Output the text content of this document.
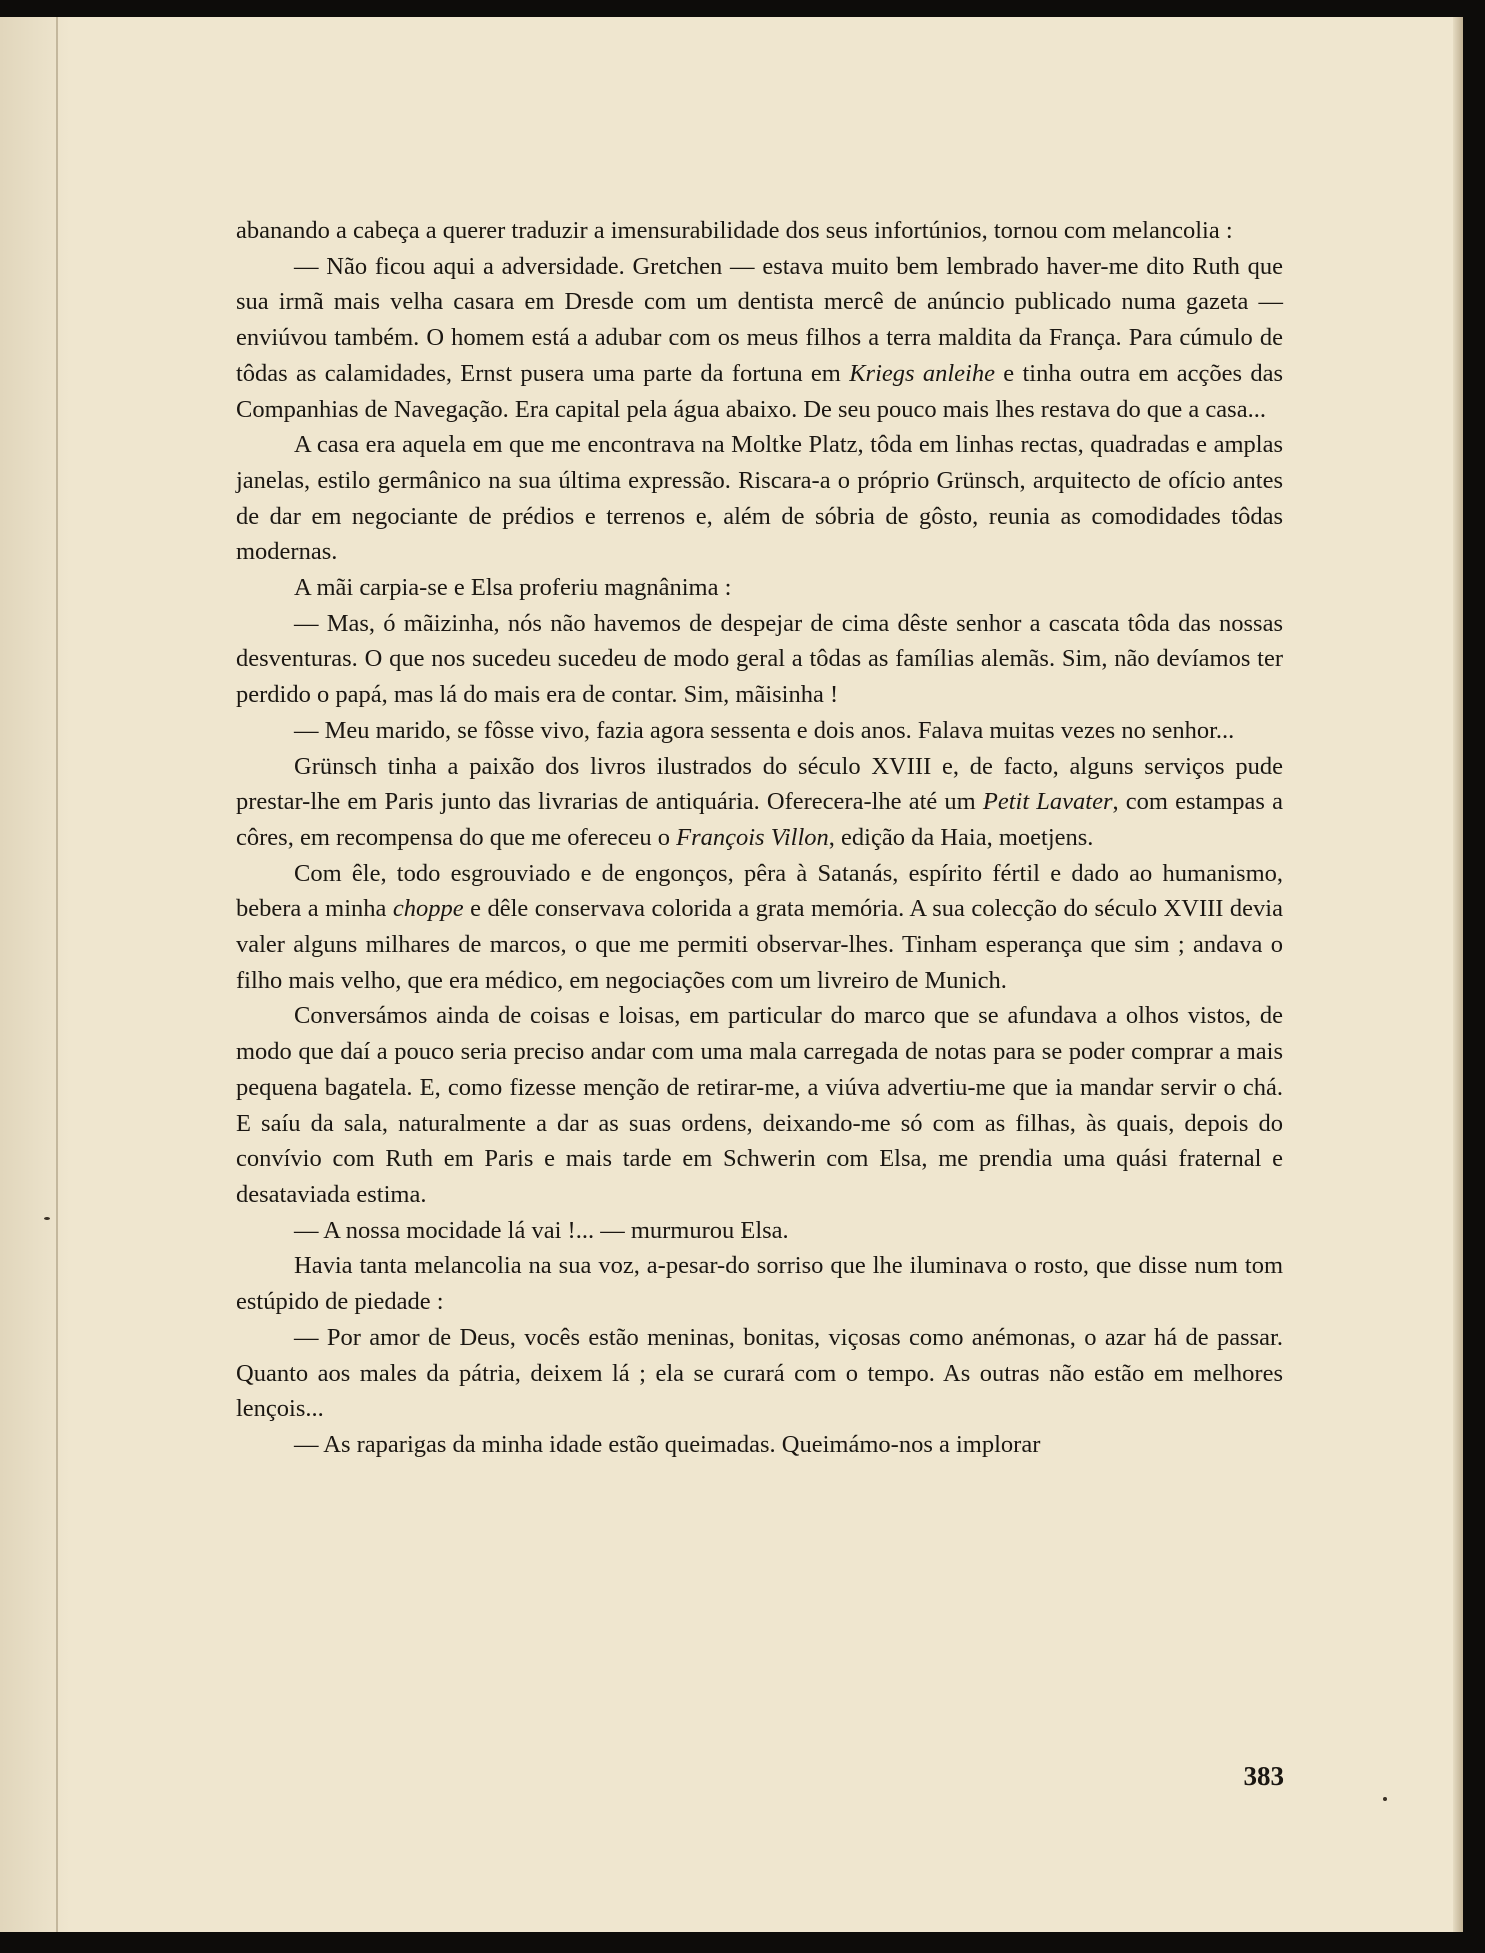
abanando a cabeça a querer traduzir a imensurabilidade dos seus infortúnios, tornou com melancolia :

— Não ficou aqui a adversidade. Gretchen — estava muito bem lembrado haver-me dito Ruth que sua irmã mais velha casara em Dresde com um dentista mercê de anúncio publicado numa gazeta — enviúvou também. O homem está a adubar com os meus filhos a terra maldita da França. Para cúmulo de tôdas as calamidades, Ernst pusera uma parte da fortuna em Kriegs anleihe e tinha outra em acções das Companhias de Navegação. Era capital pela água abaixo. De seu pouco mais lhes restava do que a casa...

A casa era aquela em que me encontrava na Moltke Platz, tôda em linhas rectas, quadradas e amplas janelas, estilo germânico na sua última expressão. Riscara-a o próprio Grünsch, arquitecto de ofício antes de dar em negociante de prédios e terrenos e, além de sóbria de gôsto, reunia as comodidades tôdas modernas.

A mãi carpia-se e Elsa proferiu magnânima :

— Mas, ó mãizinha, nós não havemos de despejar de cima dêste senhor a cascata tôda das nossas desventuras. O que nos sucedeu sucedeu de modo geral a tôdas as famílias alemãs. Sim, não devíamos ter perdido o papá, mas lá do mais era de contar. Sim, mãisinha !

— Meu marido, se fôsse vivo, fazia agora sessenta e dois anos. Falava muitas vezes no senhor...

Grünsch tinha a paixão dos livros ilustrados do século XVIII e, de facto, alguns serviços pude prestar-lhe em Paris junto das livrarias de antiquária. Oferecera-lhe até um Petit Lavater, com estampas a côres, em recompensa do que me ofereceu o François Villon, edição da Haia, moetjens.

Com êle, todo esgrouviado e de engonços, pêra à Satanás, espírito fértil e dado ao humanismo, bebera a minha choppe e dêle conservava colorida a grata memória. A sua colecção do século XVIII devia valer alguns milhares de marcos, o que me permiti observar-lhes. Tinham esperança que sim ; andava o filho mais velho, que era médico, em negociações com um livreiro de Munich.

Conversámos ainda de coisas e loisas, em particular do marco que se afundava a olhos vistos, de modo que daí a pouco seria preciso andar com uma mala carregada de notas para se poder comprar a mais pequena bagatela. E, como fizesse menção de retirar-me, a viúva advertiu-me que ia mandar servir o chá. E saíu da sala, naturalmente a dar as suas ordens, deixando-me só com as filhas, às quais, depois do convívio com Ruth em Paris e mais tarde em Schwerin com Elsa, me prendia uma quási fraternal e desataviada estima.

— A nossa mocidade lá vai !... — murmurou Elsa.

Havia tanta melancolia na sua voz, a-pesar-do sorriso que lhe iluminava o rosto, que disse num tom estúpido de piedade :

— Por amor de Deus, vocês estão meninas, bonitas, viçosas como anémonas, o azar há de passar. Quanto aos males da pátria, deixem lá ; ela se curará com o tempo. As outras não estão em melhores lençois...

— As raparigas da minha idade estão queimadas. Queimámo-nos a implorar

383
